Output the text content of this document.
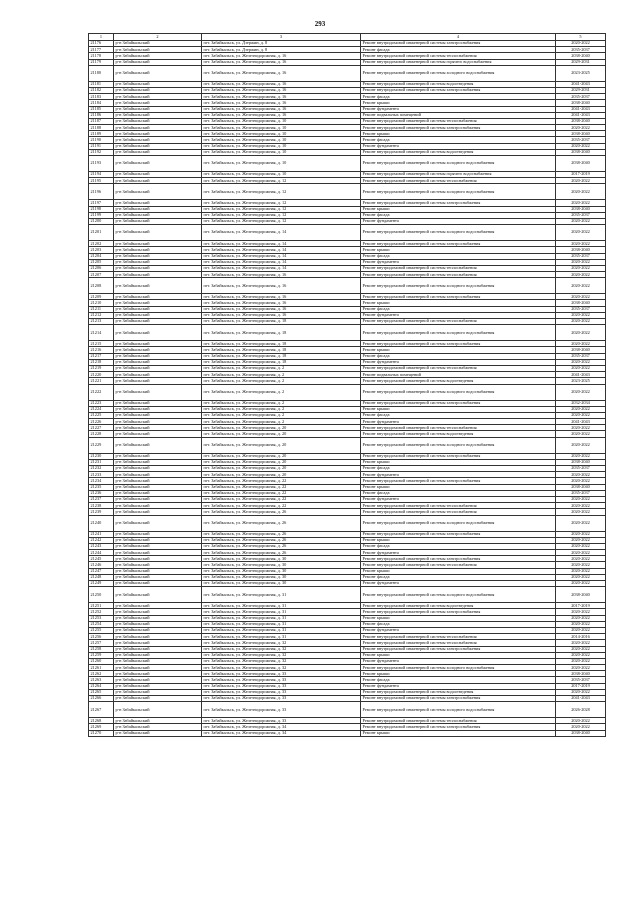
293
1	2	3	4	5
21176	р-н Забайкальский	пгт. Забайкальск, ул. Дзержин, д. 8	Ремонт внутридомовой инженерной системы электроснабжения	2020-2022
21177	р-н Забайкальский	пгт. Забайкальск, ул. Дзержин, д. 8	Ремонт фасада	2035-2037
21178	р-н Забайкальский	пгт. Забайкальск, ул. Железнодорожная, д. 16	Ремонт внутридомовой инженерной системы теплоснабжения	2038-2040
21179	р-н Забайкальский	пгт. Забайкальск, ул. Железнодорожная, д. 16	Ремонт внутридомовой инженерной системы горячего водоснабжения	2029-2031
21180	р-н Забайкальский	пгт. Забайкальск, ул. Железнодорожная, д. 16	Ремонт внутридомовой инженерной системы холодного водоснабжения	2023-2025
21181	р-н Забайкальский	пгт. Забайкальск, ул. Железнодорожная, д. 16	Ремонт внутридомовой инженерной системы водоотведения	2041-2043
21182	р-н Забайкальский	пгт. Забайкальск, ул. Железнодорожная, д. 16	Ремонт внутридомовой инженерной системы электроснабжения	2029-2031
21183	р-н Забайкальский	пгт. Забайкальск, ул. Железнодорожная, д. 16	Ремонт фасада	2035-2037
21184	р-н Забайкальский	пгт. Забайкальск, ул. Железнодорожная, д. 16	Ремонт крыши	2038-2040
21185	р-н Забайкальский	пгт. Забайкальск, ул. Железнодорожная, д. 16	Ремонт фундамента	2041-2043
21186	р-н Забайкальский	пгт. Забайкальск, ул. Железнодорожная, д. 16	Ремонт подвальных помещений	2041-2043
21187	р-н Забайкальский	пгт. Забайкальск, ул. Железнодорожная, д. 10	Ремонт внутридомовой инженерной системы теплоснабжения	2038-2040
21188	р-н Забайкальский	пгт. Забайкальск, ул. Железнодорожная, д. 10	Ремонт внутридомовой инженерной системы электроснабжения	2020-2022
21189	р-н Забайкальский	пгт. Забайкальск, ул. Железнодорожная, д. 10	Ремонт крыши	2038-2040
21190	р-н Забайкальский	пгт. Забайкальск, ул. Железнодорожная, д. 10	Ремонт фасада	2035-2037
21191	р-н Забайкальский	пгт. Забайкальск, ул. Железнодорожная, д. 10	Ремонт фундамента	2020-2022
21192	р-н Забайкальский	пгт. Забайкальск, ул. Железнодорожная, д. 10	Ремонт внутридомовой инженерной системы водоотведения	2038-2040
21193	р-н Забайкальский	пгт. Забайкальск, ул. Железнодорожная, д. 10	Ремонт внутридомовой инженерной системы холодного водоснабжения	2038-2040
21194	р-н Забайкальский	пгт. Забайкальск, ул. Железнодорожная, д. 10	Ремонт внутридомовой инженерной системы горячего водоснабжения	2017-2019
21195	р-н Забайкальский	пгт. Забайкальск, ул. Железнодорожная, д. 12	Ремонт внутридомовой инженерной системы теплоснабжения	2020-2022
21196	р-н Забайкальский	пгт. Забайкальск, ул. Железнодорожная, д. 12	Ремонт внутридомовой инженерной системы холодного водоснабжения	2020-2022
21197	р-н Забайкальский	пгт. Забайкальск, ул. Железнодорожная, д. 12	Ремонт внутридомовой инженерной системы электроснабжения	2020-2022
21198	р-н Забайкальский	пгт. Забайкальск, ул. Железнодорожная, д. 12	Ремонт крыши	2038-2040
21199	р-н Забайкальский	пгт. Забайкальск, ул. Железнодорожная, д. 12	Ремонт фасада	2035-2037
21200	р-н Забайкальский	пгт. Забайкальск, ул. Железнодорожная, д. 12	Ремонт фундамента	2020-2022
21201	р-н Забайкальский	пгт. Забайкальск, ул. Железнодорожная, д. 14	Ремонт внутридомовой инженерной системы холодного водоснабжения	2020-2022
21202	р-н Забайкальский	пгт. Забайкальск, ул. Железнодорожная, д. 14	Ремонт внутридомовой инженерной системы электроснабжения	2020-2022
21203	р-н Забайкальский	пгт. Забайкальск, ул. Железнодорожная, д. 14	Ремонт крыши	2038-2040
21204	р-н Забайкальский	пгт. Забайкальск, ул. Железнодорожная, д. 14	Ремонт фасада	2035-2037
21205	р-н Забайкальский	пгт. Забайкальск, ул. Железнодорожная, д. 14	Ремонт фундамента	2020-2022
21206	р-н Забайкальский	пгт. Забайкальск, ул. Железнодорожная, д. 14	Ремонт внутридомовой инженерной системы теплоснабжения	2020-2022
21207	р-н Забайкальский	пгт. Забайкальск, ул. Железнодорожная, д. 16	Ремонт внутридомовой инженерной системы теплоснабжения	2020-2022
21208	р-н Забайкальский	пгт. Забайкальск, ул. Железнодорожная, д. 16	Ремонт внутридомовой инженерной системы холодного водоснабжения	2020-2022
21209	р-н Забайкальский	пгт. Забайкальск, ул. Железнодорожная, д. 16	Ремонт внутридомовой инженерной системы электроснабжения	2020-2022
21210	р-н Забайкальский	пгт. Забайкальск, ул. Железнодорожная, д. 16	Ремонт крыши	2038-2040
21211	р-н Забайкальский	пгт. Забайкальск, ул. Железнодорожная, д. 16	Ремонт фасада	2035-2037
21212	р-н Забайкальский	пгт. Забайкальск, ул. Железнодорожная, д. 16	Ремонт фундамента	2020-2022
21213	р-н Забайкальский	пгт. Забайкальск, ул. Железнодорожная, д. 18	Ремонт внутридомовой инженерной системы теплоснабжения	2020-2022
21214	р-н Забайкальский	пгт. Забайкальск, ул. Железнодорожная, д. 18	Ремонт внутридомовой инженерной системы холодного водоснабжения	2020-2022
21215	р-н Забайкальский	пгт. Забайкальск, ул. Железнодорожная, д. 18	Ремонт внутридомовой инженерной системы электроснабжения	2020-2022
21216	р-н Забайкальский	пгт. Забайкальск, ул. Железнодорожная, д. 18	Ремонт крыши	2038-2040
21217	р-н Забайкальский	пгт. Забайкальск, ул. Железнодорожная, д. 18	Ремонт фасада	2035-2037
21218	р-н Забайкальский	пгт. Забайкальск, ул. Железнодорожная, д. 18	Ремонт фундамента	2020-2022
21219	р-н Забайкальский	пгт. Забайкальск, ул. Железнодорожная, д. 2	Ремонт внутридомовой инженерной системы теплоснабжения	2020-2022
21220	р-н Забайкальский	пгт. Забайкальск, ул. Железнодорожная, д. 2	Ремонт подвальных помещений	2041-2043
21221	р-н Забайкальский	пгт. Забайкальск, ул. Железнодорожная, д. 2	Ремонт внутридомовой инженерной системы водоотведения	2023-2025
21222	р-н Забайкальский	пгт. Забайкальск, ул. Железнодорожная, д. 2	Ремонт внутридомовой инженерной системы холодного водоснабжения	2020-2022
21223	р-н Забайкальский	пгт. Забайкальск, ул. Железнодорожная, д. 2	Ремонт внутридомовой инженерной системы электроснабжения	2032-2034
21224	р-н Забайкальский	пгт. Забайкальск, ул. Железнодорожная, д. 2	Ремонт крыши	2020-2022
21225	р-н Забайкальский	пгт. Забайкальск, ул. Железнодорожная, д. 2	Ремонт фасада	2020-2022
21226	р-н Забайкальский	пгт. Забайкальск, ул. Железнодорожная, д. 2	Ремонт фундамента	2041-2043
21227	р-н Забайкальский	пгт. Забайкальск, ул. Железнодорожная, д. 20	Ремонт внутридомовой инженерной системы теплоснабжения	2020-2022
21228	р-н Забайкальский	пгт. Забайкальск, ул. Железнодорожная, д. 20	Ремонт внутридомовой инженерной системы водоотведения	2020-2022
21229	р-н Забайкальский	пгт. Забайкальск, ул. Железнодорожная, д. 20	Ремонт внутридомовой инженерной системы холодного водоснабжения	2020-2022
21230	р-н Забайкальский	пгт. Забайкальск, ул. Железнодорожная, д. 20	Ремонт внутридомовой инженерной системы электроснабжения	2020-2022
21231	р-н Забайкальский	пгт. Забайкальск, ул. Железнодорожная, д. 20	Ремонт крыши	2038-2040
21232	р-н Забайкальский	пгт. Забайкальск, ул. Железнодорожная, д. 20	Ремонт фасада	2035-2037
21233	р-н Забайкальский	пгт. Забайкальск, ул. Железнодорожная, д. 20	Ремонт фундамента	2020-2022
21234	р-н Забайкальский	пгт. Забайкальск, ул. Железнодорожная, д. 22	Ремонт внутридомовой инженерной системы электроснабжения	2020-2022
21235	р-н Забайкальский	пгт. Забайкальск, ул. Железнодорожная, д. 22	Ремонт крыши	2038-2040
21236	р-н Забайкальский	пгт. Забайкальск, ул. Железнодорожная, д. 22	Ремонт фасада	2035-2037
21237	р-н Забайкальский	пгт. Забайкальск, ул. Железнодорожная, д. 22	Ремонт фундамента	2020-2022
21238	р-н Забайкальский	пгт. Забайкальск, ул. Железнодорожная, д. 22	Ремонт внутридомовой инженерной системы теплоснабжения	2020-2022
21239	р-н Забайкальский	пгт. Забайкальск, ул. Железнодорожная, д. 26	Ремонт внутридомовой инженерной системы теплоснабжения	2020-2022
21240	р-н Забайкальский	пгт. Забайкальск, ул. Железнодорожная, д. 26	Ремонт внутридомовой инженерной системы холодного водоснабжения	2020-2022
21241	р-н Забайкальский	пгт. Забайкальск, ул. Железнодорожная, д. 26	Ремонт внутридомовой инженерной системы электроснабжения	2020-2022
21242	р-н Забайкальский	пгт. Забайкальск, ул. Железнодорожная, д. 26	Ремонт крыши	2020-2022
21243	р-н Забайкальский	пгт. Забайкальск, ул. Железнодорожная, д. 26	Ремонт фасада	2020-2022
21244	р-н Забайкальский	пгт. Забайкальск, ул. Железнодорожная, д. 26	Ремонт фундамента	2020-2022
21245	р-н Забайкальский	пгт. Забайкальск, ул. Железнодорожная, д. 30	Ремонт внутридомовой инженерной системы электроснабжения	2020-2022
21246	р-н Забайкальский	пгт. Забайкальск, ул. Железнодорожная, д. 30	Ремонт внутридомовой инженерной системы теплоснабжения	2020-2022
21247	р-н Забайкальский	пгт. Забайкальск, ул. Железнодорожная, д. 30	Ремонт крыши	2020-2022
21248	р-н Забайкальский	пгт. Забайкальск, ул. Железнодорожная, д. 30	Ремонт фасада	2020-2022
21249	р-н Забайкальский	пгт. Забайкальск, ул. Железнодорожная, д. 30	Ремонт фундамента	2020-2022
21250	р-н Забайкальский	пгт. Забайкальск, ул. Железнодорожная, д. 31	Ремонт внутридомовой инженерной системы холодного водоснабжения	2038-2040
21251	р-н Забайкальский	пгт. Забайкальск, ул. Железнодорожная, д. 31	Ремонт внутридомовой инженерной системы водоотведения	2017-2019
21252	р-н Забайкальский	пгт. Забайкальск, ул. Железнодорожная, д. 31	Ремонт внутридомовой инженерной системы электроснабжения	2020-2022
21253	р-н Забайкальский	пгт. Забайкальск, ул. Железнодорожная, д. 31	Ремонт крыши	2020-2022
21254	р-н Забайкальский	пгт. Забайкальск, ул. Железнодорожная, д. 31	Ремонт фасада	2020-2022
21255	р-н Забайкальский	пгт. Забайкальск, ул. Железнодорожная, д. 31	Ремонт фундамента	2020-2022
21256	р-н Забайкальский	пгт. Забайкальск, ул. Железнодорожная, д. 31	Ремонт внутридомовой инженерной системы теплоснабжения	2014-2016
21257	р-н Забайкальский	пгт. Забайкальск, ул. Железнодорожная, д. 32	Ремонт внутридомовой инженерной системы теплоснабжения	2020-2022
21258	р-н Забайкальский	пгт. Забайкальск, ул. Железнодорожная, д. 32	Ремонт внутридомовой инженерной системы электроснабжения	2020-2022
21259	р-н Забайкальский	пгт. Забайкальск, ул. Железнодорожная, д. 32	Ремонт крыши	2020-2022
21260	р-н Забайкальский	пгт. Забайкальск, ул. Железнодорожная, д. 32	Ремонт фундамента	2020-2022
21261	р-н Забайкальский	пгт. Забайкальск, ул. Железнодорожная, д. 32	Ремонт внутридомовой инженерной системы холодного водоснабжения	2020-2022
21262	р-н Забайкальский	пгт. Забайкальск, ул. Железнодорожная, д. 33	Ремонт крыши	2038-2040
21263	р-н Забайкальский	пгт. Забайкальск, ул. Железнодорожная, д. 33	Ремонт фасада	2035-2037
21264	р-н Забайкальский	пгт. Забайкальск, ул. Железнодорожная, д. 33	Ремонт фундамента	2017-2019
21265	р-н Забайкальский	пгт. Забайкальск, ул. Железнодорожная, д. 33	Ремонт внутридомовой инженерной системы водоотведения	2020-2022
21266	р-н Забайкальский	пгт. Забайкальск, ул. Железнодорожная, д. 33	Ремонт внутридомовой инженерной системы электроснабжения	2041-2043
21267	р-н Забайкальский	пгт. Забайкальск, ул. Железнодорожная, д. 33	Ремонт внутридомовой инженерной системы холодного водоснабжения	2026-2028
21268	р-н Забайкальский	пгт. Забайкальск, ул. Железнодорожная, д. 33	Ремонт внутридомовой инженерной системы теплоснабжения	2020-2022
21269	р-н Забайкальский	пгт. Забайкальск, ул. Железнодорожная, д. 34	Ремонт внутридомовой инженерной системы электроснабжения	2020-2022
21270	р-н Забайкальский	пгт. Забайкальск, ул. Железнодорожная, д. 34	Ремонт крыши	2038-2040
